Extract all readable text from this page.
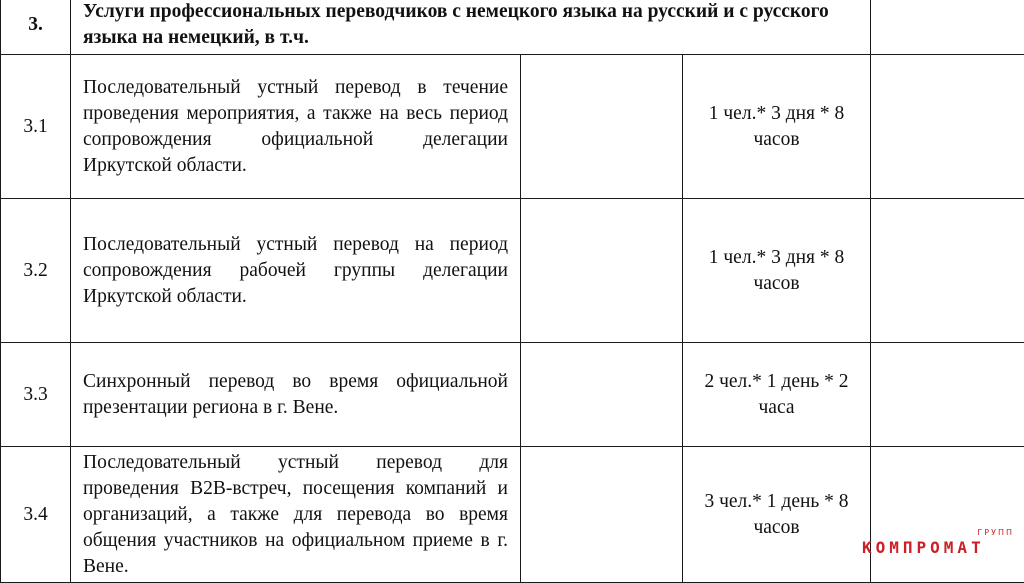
3.	Услуги профессиональных переводчиков с немецкого языка на русский и с русского языка на немецкий, в т.ч.			
3.1	Последовательный устный перевод в течение проведения мероприятия, а также на весь период сопровождения официальной делегации Иркутской области.		1 чел.* 3 дня * 8 часов	
3.2	Последовательный устный перевод на период сопровождения рабочей группы делегации Иркутской области.		1 чел.* 3 дня * 8 часов	
3.3	Синхронный перевод во время официальной презентации региона в г. Вене.		2 чел.* 1 день * 2 часа	
3.4	Последовательный устный перевод для проведения B2B-встреч, посещения компаний и организаций, а также для перевода во время общения участников на официальном приеме в г. Вене.		3 чел.* 1 день * 8 часов		ГРУПП
КОМПРОМАТ
